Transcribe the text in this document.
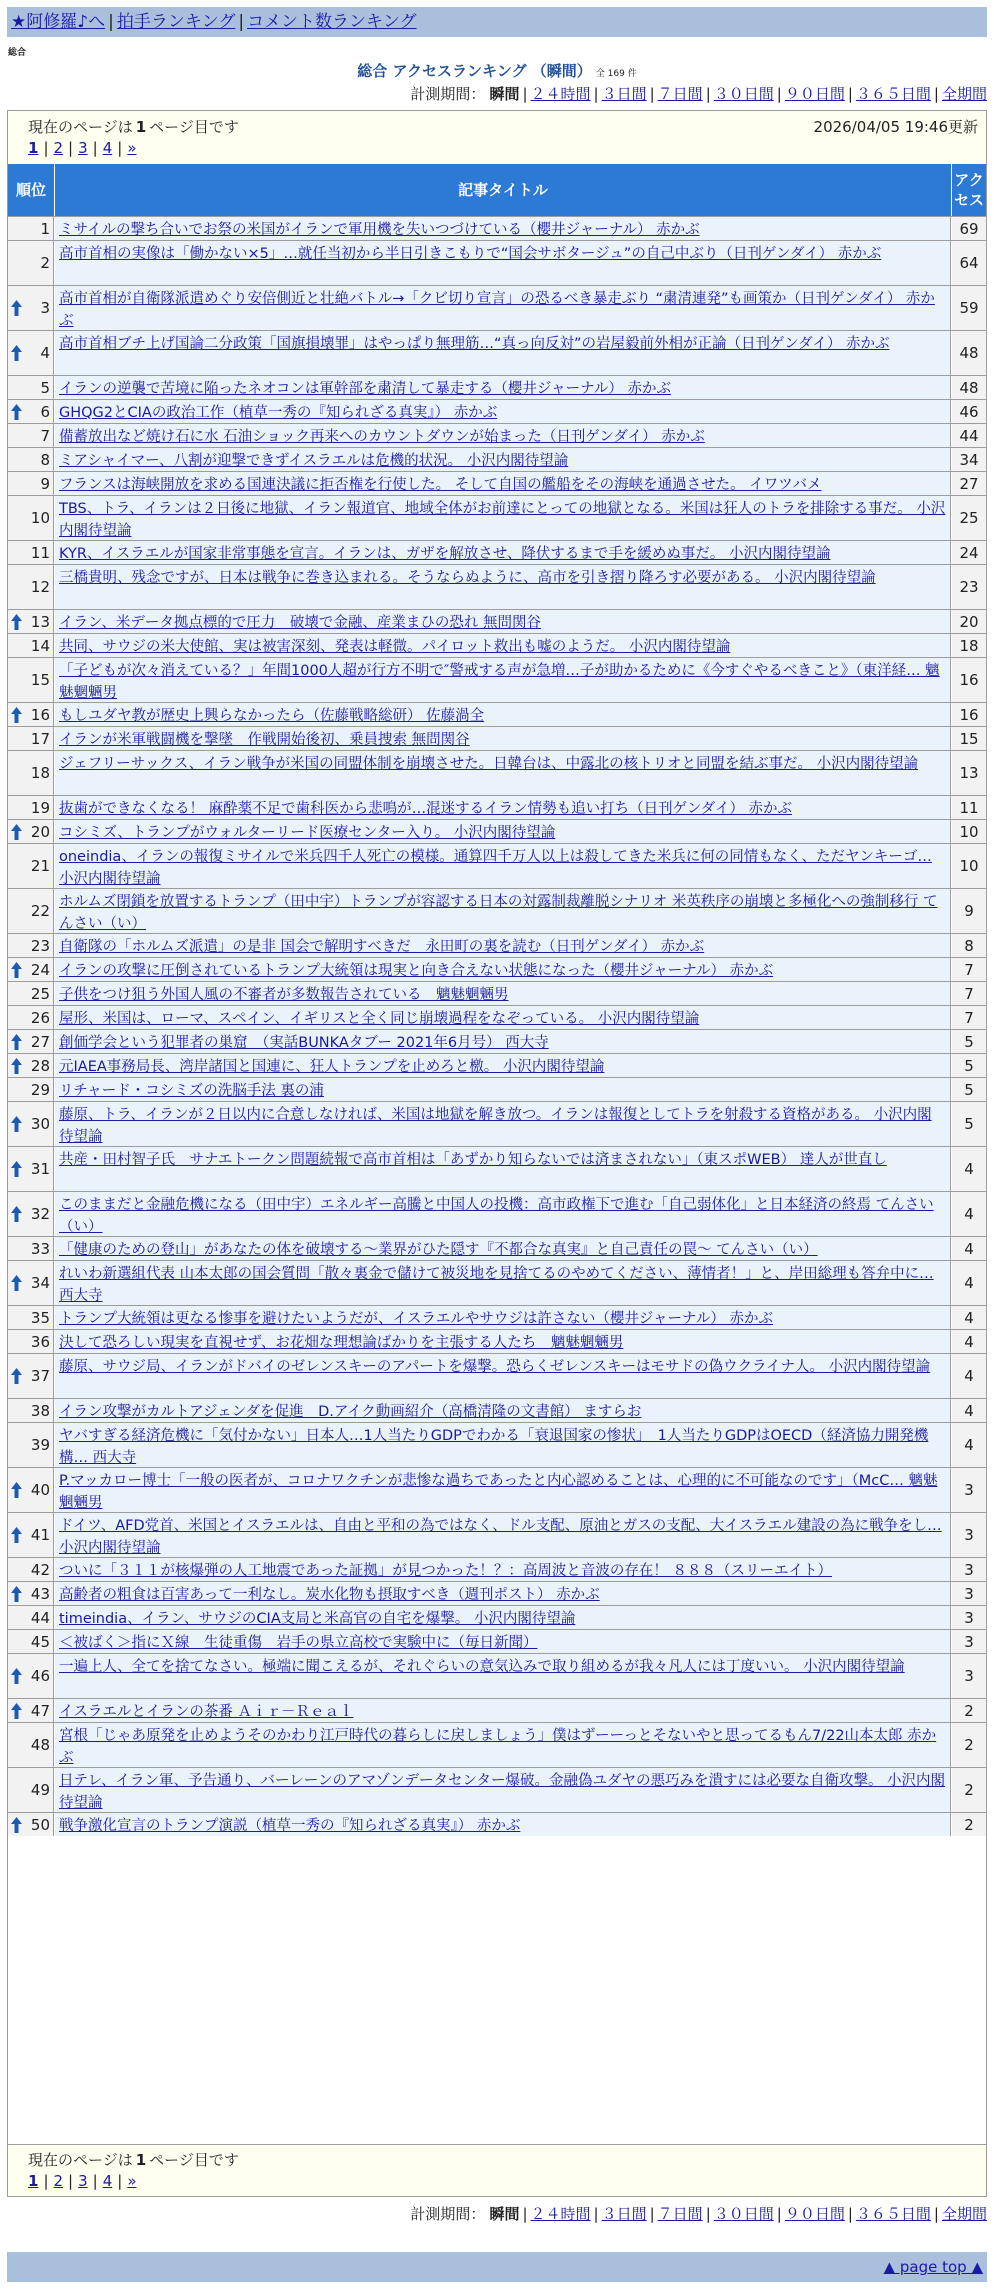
★阿修羅♪へ | 拍手ランキング | コメント数ランキング
総合
総合 アクセスランキング （瞬間） 全 169 件
計測期間： 瞬間 | ２４時間 | ３日間 | ７日間 | ３０日間 | ９０日間 | ３６５日間 | 全期間
現在のページは 1 ページ目です	2026/04/05 19:46更新
1 | 2 | 3 | 4 | »
順位	記事タイトル
アクセス
1 ミサイルの撃ち合いでお祭の米国がイランで軍用機を失いつづけている（櫻井ジャーナル） 赤かぶ	69
2 高市首相の実像は「働かない×5」…就任当初から半日引きこもりで“国会サボタージュ”の自己中ぶり（日刊ゲンダイ） 赤かぶ	64
3 高市首相が自衛隊派遣めぐり安倍側近と壮絶バトル→「クビ切り宣言」の恐るべき暴走ぶり “粛清連発”も画策か（日刊ゲンダイ） 赤かぶ
59
4 高市首相ブチ上げ国論二分政策「国旗損壊罪」はやっぱり無理筋…“真っ向反対”の岩屋毅前外相が正論（日刊ゲンダイ） 赤かぶ	48
5 イランの逆襲で苦境に陥ったネオコンは軍幹部を粛清して暴走する（櫻井ジャーナル） 赤かぶ	48
6 GHQG2とCIAの政治工作（植草一秀の『知られざる真実』） 赤かぶ	46
7 備蓄放出など焼け石に水 石油ショック再来へのカウントダウンが始まった（日刊ゲンダイ） 赤かぶ	44
8 ミアシャイマー、八割が迎撃できずイスラエルは危機的状況。 小沢内閣待望論	34
9 フランスは海峡開放を求める国連決議に拒否権を行使した。 そして自国の艦船をその海峡を通過させた。 イワツバメ	27
10 TBS、トラ、イランは２日後に地獄、イラン報道官、地域全体がお前達にとっての地獄となる。米国は狂人のトラを排除する事だ。 小沢内閣待望論
25
11 KYR、イスラエルが国家非常事態を宣言。イランは、ガザを解放させ、降伏するまで手を緩めぬ事だ。 小沢内閣待望論	24
12 三橋貴明、残念ですが、日本は戦争に巻き込まれる。そうならぬように、高市を引き摺り降ろす必要がある。 小沢内閣待望論	23
13 イラン、米データ拠点標的で圧力　破壊で金融、産業まひの恐れ 無問関谷	20
14 共同、サウジの米大使館、実は被害深刻、発表は軽微。パイロット救出も嘘のようだ。 小沢内閣待望論	18
15 「子どもが次々消えている？」年間1000人超が行方不明で″警戒する声が急増…子が助かるために《今すぐやるべきこと》（東洋経… 魑魅魍魎男
16
16 もしユダヤ教が歴史上興らなかったら（佐藤戦略総研） 佐藤渦全	16
17 イランが米軍戦闘機を撃墜　作戦開始後初、乗員捜索 無問関谷	15
18 ジェフリーサックス、イラン戦争が米国の同盟体制を崩壊させた。日韓台は、中露北の核トリオと同盟を結ぶ事だ。 小沢内閣待望論	13
19 抜歯ができなくなる！ 麻酔薬不足で歯科医から悲鳴が…混迷するイラン情勢も追い打ち（日刊ゲンダイ） 赤かぶ	11
20 コシミズ、トランプがウォルターリード医療センター入り。 小沢内閣待望論	10
21 oneindia、イランの報復ミサイルで米兵四千人死亡の模様。通算四千万人以上は殺してきた米兵に何の同情もなく、ただヤンキーゴ… 小沢内閣待望論
10
22 ホルムズ閉鎖を放置するトランプ（田中宇）トランプが容認する日本の対露制裁離脱シナリオ 米英秩序の崩壊と多極化への強制移行 てんさい（い）
9
23 自衛隊の「ホルムズ派遣」の是非 国会で解明すべきだ　永田町の裏を読む（日刊ゲンダイ） 赤かぶ	8
24 イランの攻撃に圧倒されているトランプ大統領は現実と向き合えない状態になった（櫻井ジャーナル） 赤かぶ	7
25 子供をつけ狙う外国人風の不審者が多数報告されている　魑魅魍魎男	7
26 屋形、米国は、ローマ、スペイン、イギリスと全く同じ崩壊過程をなぞっている。 小沢内閣待望論	7
27 創価学会という犯罪者の巣窟　（実話BUNKAタブー 2021年6月号） 西大寺	5
28 元IAEA事務局長、湾岸諸国と国連に、狂人トランプを止めろと檄。 小沢内閣待望論	5
29 リチャード・コシミズの洗脳手法 裏の浦	5
30 藤原、トラ、イランが２日以内に合意しなければ、米国は地獄を解き放つ。イランは報復としてトラを射殺する資格がある。 小沢内閣待望論
5
31 共産・田村智子氏　サナエトークン問題続報で高市首相は「あずかり知らないでは済まされない」（東スポWEB） 達人が世直し	4
32 このままだと金融危機になる（田中宇）エネルギー高騰と中国人の投機：高市政権下で進む「自己弱体化」と日本経済の終焉 てんさい（い）
4
33 「健康のための登山」があなたの体を破壊する〜業界がひた隠す『不都合な真実』と自己責任の罠〜 てんさい（い）	4
34 れいわ新選組代表 山本太郎の国会質問「散々裏金で儲けて被災地を見捨てるのやめてください、薄情者！」と、岸田総理も答弁中に… 西大寺
4
35 トランプ大統領は更なる惨事を避けたいようだが、イスラエルやサウジは許さない（櫻井ジャーナル） 赤かぶ	4
36 決して恐ろしい現実を直視せず、お花畑な理想論ばかりを主張する人たち　魑魅魍魎男	4
37 藤原、サウジ局、イランがドバイのゼレンスキーのアパートを爆撃。恐らくゼレンスキーはモサドの偽ウクライナ人。 小沢内閣待望論	4
38 イラン攻撃がカルトアジェンダを促進　D.アイク動画紹介（高橋清隆の文書館） ますらお	4
39 ヤバすぎる経済危機に「気付かない」日本人…1人当たりGDPでわかる「衰退国家の惨状」　1人当たりGDPはOECD（経済協力開発機構… 西大寺
4
40 P.マッカロー博士「一般の医者が、コロナワクチンが悲惨な過ちであったと内心認めることは、心理的に不可能なのです」（McC… 魑魅魍魎男
3
41 ドイツ、AFD党首、米国とイスラエルは、自由と平和の為ではなく、ドル支配、原油とガスの支配、大イスラエル建設の為に戦争をし… 小沢内閣待望論
3
42 ついに「３１１が核爆弾の人工地震であった証拠」が見つかった！？：高周波と音波の存在！ ８８８（スリーエイト）	3
43 高齢者の粗食は百害あって一利なし。炭水化物も摂取すべき（週刊ポスト） 赤かぶ	3
44 timeindia、イラン、サウジのCIA支局と米高官の自宅を爆撃。 小沢内閣待望論	3
45 ＜被ばく＞指にＸ線　生徒重傷　岩手の県立高校で実験中に（毎日新聞）	3
46 一遍上人、全てを捨てなさい。極端に聞こえるが、それぐらいの意気込みで取り組めるが我々凡人には丁度いい。 小沢内閣待望論	3
47 イスラエルとイランの茶番 Ａｉｒ－Ｒｅａｌ	2
48 宮根「じゃあ原発を止めようそのかわり江戸時代の暮らしに戻しましょう」僕はずーーっとそないやと思ってるもん7/22山本太郎 赤かぶ
2
49 日テレ、イラン軍、予告通り、バーレーンのアマゾンデータセンター爆破。金融偽ユダヤの悪巧みを潰すには必要な自衛攻撃。 小沢内閣待望論
2
50 戦争激化宣言のトランプ演説（植草一秀の『知られざる真実』） 赤かぶ	2
現在のページは 1 ページ目です
1 | 2 | 3 | 4 | »
計測期間： 瞬間 | ２４時間 | ３日間 | ７日間 | ３０日間 | ９０日間 | ３６５日間 | 全期間
▲ page top ▲
